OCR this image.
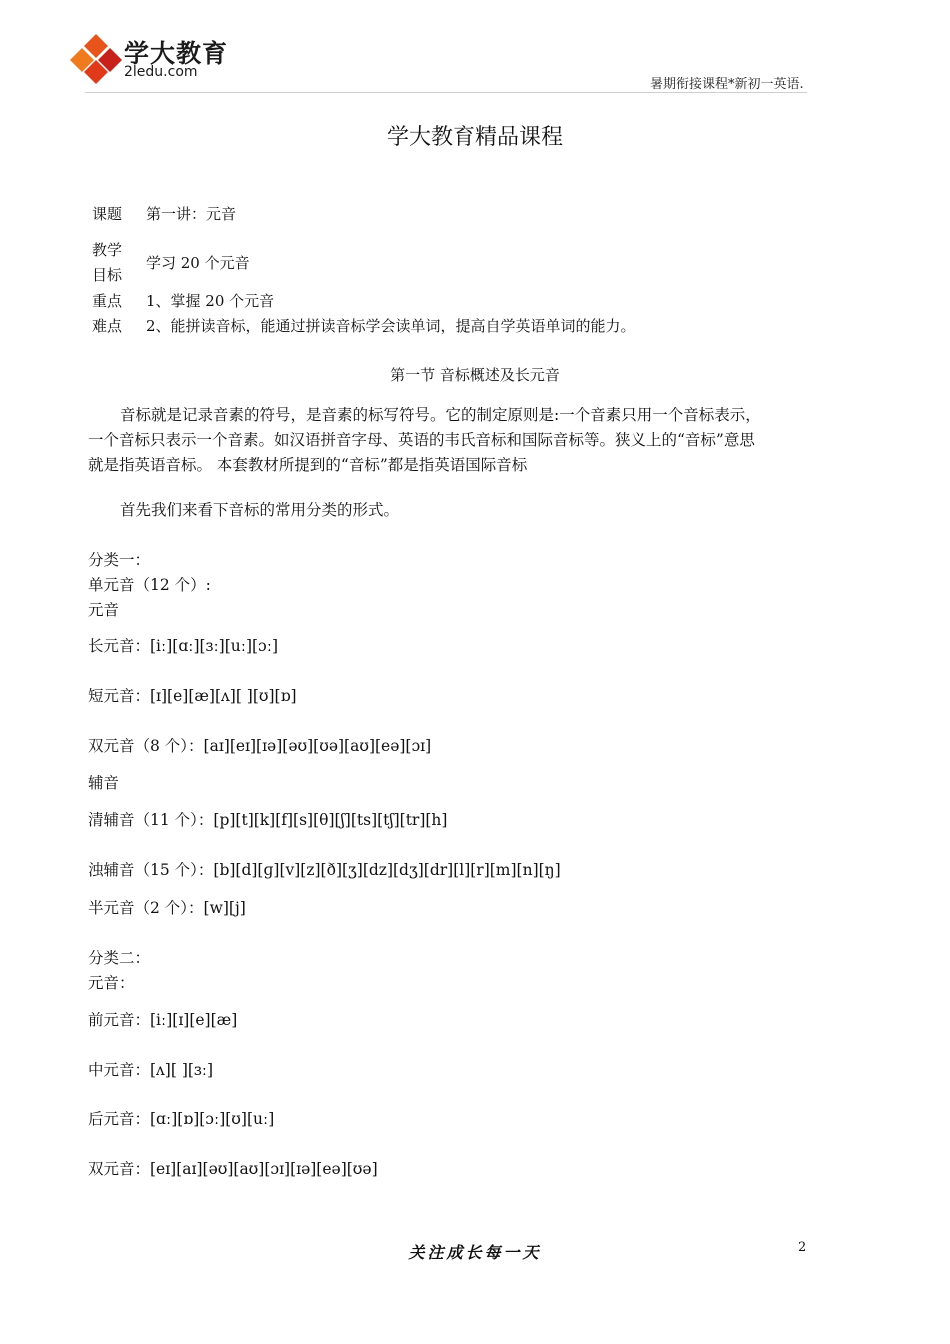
学大教育
2ledu.com
暑期衔接课程*新初一英语.
学大教育精品课程
课题 第一讲：元音
教学
目标
学习 20 个元音
重点 1、掌握 20 个元音
难点 2、能拼读音标，能通过拼读音标学会读单词，提高自学英语单词的能力。
第一节 音标概述及长元音

音标就是记录音素的符号，是音素的标写符号。它的制定原则是:一个音素只用一个音标表示，

一个音标只表示一个音素。如汉语拼音字母、英语的韦氏音标和国际音标等。狭义上的“音标”意思

就是指英语音标。 本套教材所提到的“音标”都是指英语国际音标

首先我们来看下音标的常用分类的形式。
分类一：
单元音（12 个）:
元音
长元音：[iː][ɑː][ɜː][uː][ɔː]
短元音：[ɪ][e][æ][ʌ][ ][ʊ][ɒ]
双元音（8 个）：[aɪ][eɪ][ɪə][əʊ][ʊə][aʊ][eə][ɔɪ]
辅音
清辅音（11 个）：[p][t][k][f][s][θ][ʃ][ts][tʃ][tr][h]
浊辅音（15 个）：[b][d][ɡ][v][z][ð][ʒ][dz][dʒ][dr][l][r][m][n][ŋ]
半元音（2 个）：[w][j]
分类二：
元音：
前元音：[iː][ɪ][e][æ]
中元音：[ʌ][ ][ɜː]
后元音：[ɑː][ɒ][ɔː][ʊ][uː]
双元音：[eɪ][aɪ][əʊ][aʊ][ɔɪ][ɪə][eə][ʊə]
关注成长每一天	2
